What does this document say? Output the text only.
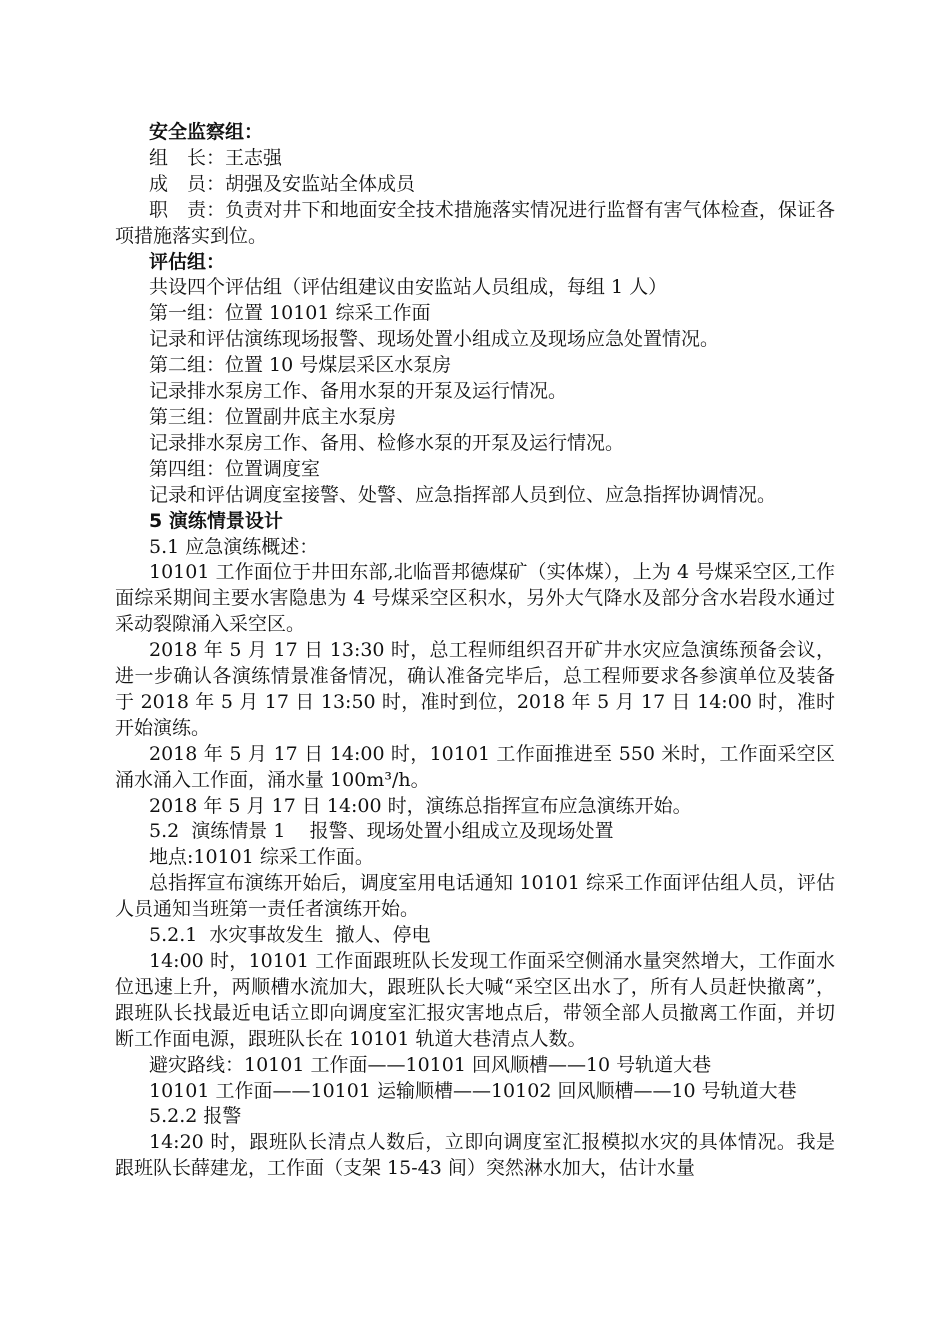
安全监察组：

组　长：王志强

成　员：胡强及安监站全体成员

职　责：负责对井下和地面安全技术措施落实情况进行监督有害气体检查，保证各项措施落实到位。

评估组：

共设四个评估组（评估组建议由安监站人员组成，每组 1 人）

第一组：位置 10101 综采工作面

记录和评估演练现场报警、现场处置小组成立及现场应急处置情况。

第二组：位置 10 号煤层采区水泵房

记录排水泵房工作、备用水泵的开泵及运行情况。

第三组：位置副井底主水泵房

记录排水泵房工作、备用、检修水泵的开泵及运行情况。

第四组：位置调度室

记录和评估调度室接警、处警、应急指挥部人员到位、应急指挥协调情况。

5 演练情景设计

5.1 应急演练概述：

10101 工作面位于井田东部,北临晋邦德煤矿（实体煤），上为 4 号煤采空区,工作面综采期间主要水害隐患为 4 号煤采空区积水，另外大气降水及部分含水岩段水通过采动裂隙涌入采空区。

2018 年 5 月 17 日 13:30 时，总工程师组织召开矿井水灾应急演练预备会议，进一步确认各演练情景准备情况，确认准备完毕后，总工程师要求各参演单位及装备于 2018 年 5 月 17 日 13:50 时，准时到位，2018 年 5 月 17 日 14:00 时，准时开始演练。

2018 年 5 月 17 日 14:00 时，10101 工作面推进至 550 米时，工作面采空区涌水涌入工作面，涌水量 100m³/h。

2018 年 5 月 17 日 14:00 时，演练总指挥宣布应急演练开始。

5.2  演练情景 1    报警、现场处置小组成立及现场处置

地点:10101 综采工作面。

总指挥宣布演练开始后，调度室用电话通知 10101 综采工作面评估组人员，评估人员通知当班第一责任者演练开始。

5.2.1  水灾事故发生  撤人、停电

14:00 时，10101 工作面跟班队长发现工作面采空侧涌水量突然增大，工作面水位迅速上升，两顺槽水流加大，跟班队长大喊“采空区出水了，所有人员赶快撤离”， 跟班队长找最近电话立即向调度室汇报灾害地点后，带领全部人员撤离工作面，并切断工作面电源，跟班队长在 10101 轨道大巷清点人数。

避灾路线：10101 工作面——10101 回风顺槽——10 号轨道大巷

10101 工作面——10101 运输顺槽——10102 回风顺槽——10 号轨道大巷

5.2.2 报警

14:20 时，跟班队长清点人数后，立即向调度室汇报模拟水灾的具体情况。我是跟班队长薛建龙，工作面（支架 15-43 间）突然淋水加大，估计水量
